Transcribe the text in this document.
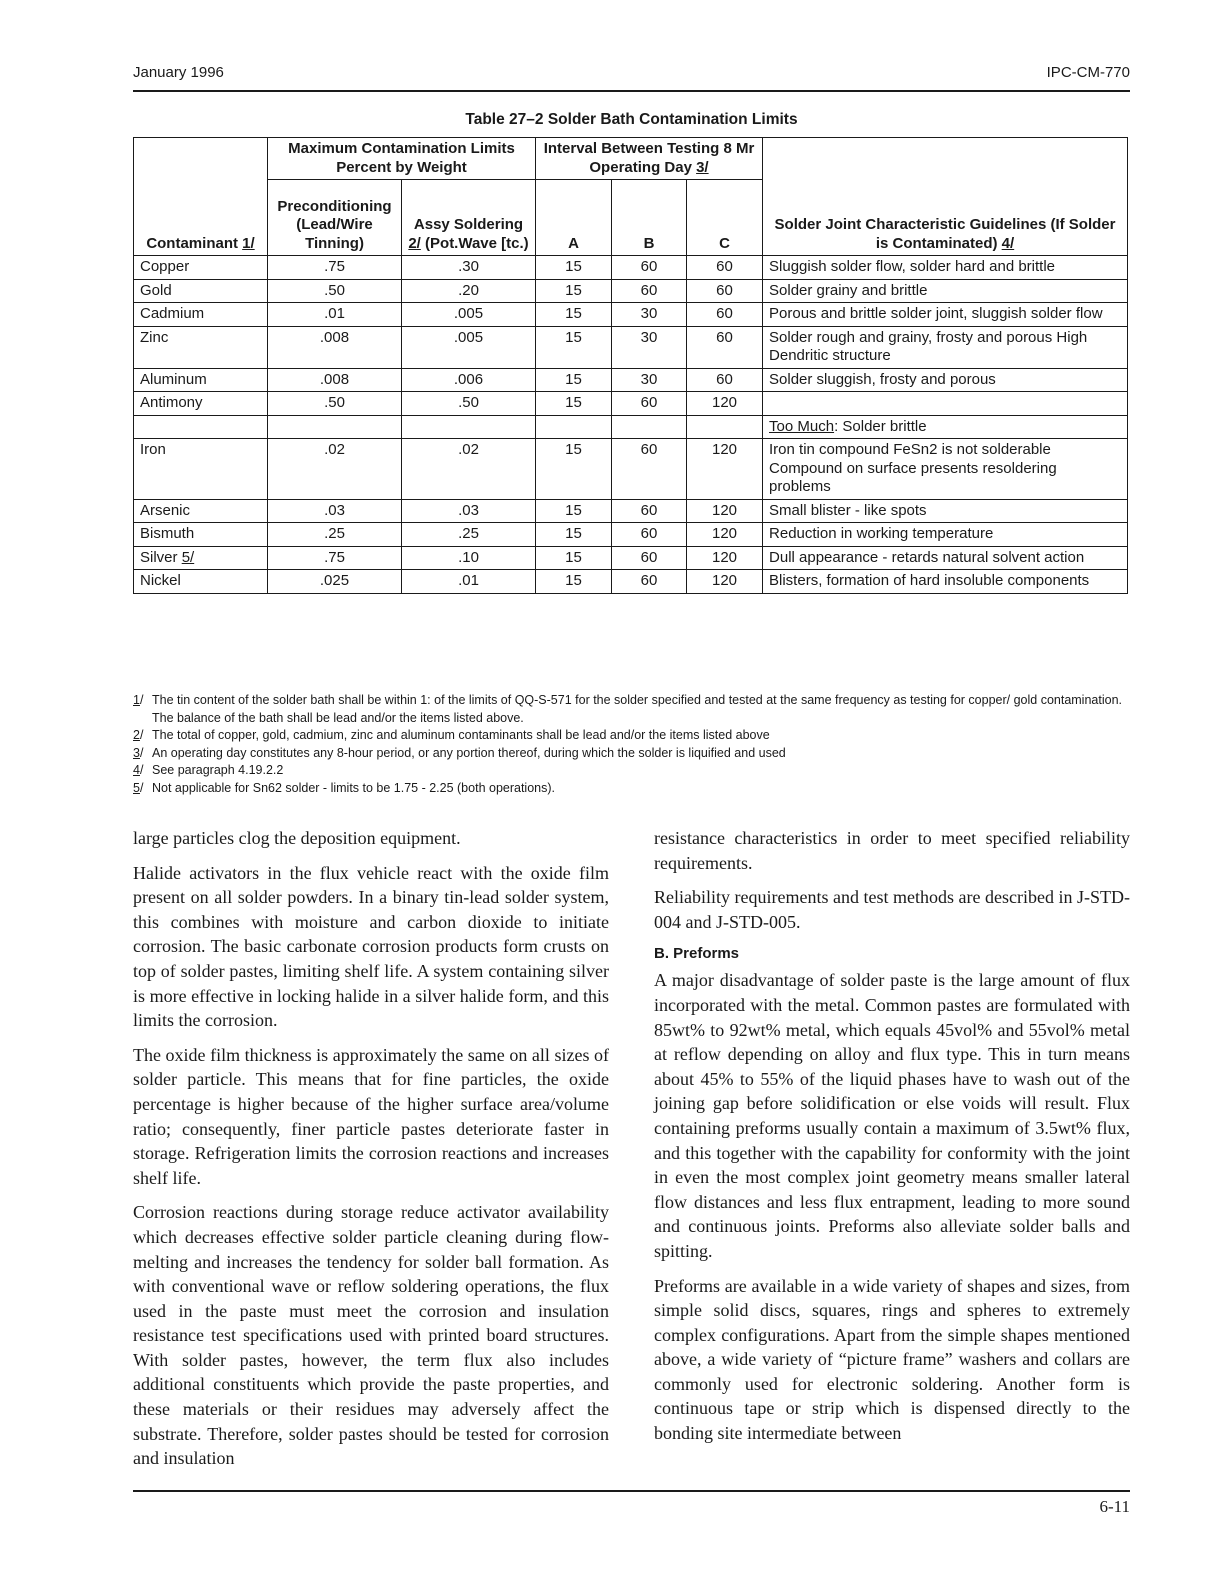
January 1996	IPC-CM-770
Table 27–2 Solder Bath Contamination Limits
Contaminant 1/	Maximum Contamination Limits Percent by Weight		Interval Between Testing 8 Mr Operating Day 3/			Solder Joint Characteristic Guidelines (If Solder is Contaminated) 4/
	Preconditioning (Lead/Wire Tinning)	Assy Soldering 2/ (Pot.Wave [tc.)	A	B	C	
Copper	.75	.30	15	60	60	Sluggish solder flow, solder hard and brittle
Gold	.50	.20	15	60	60	Solder grainy and brittle
Cadmium	.01	.005	15	30	60	Porous and brittle solder joint, sluggish solder flow
Zinc	.008	.005	15	30	60	Solder rough and grainy, frosty and porous High Dendritic structure
Aluminum	.008	.006	15	30	60	Solder sluggish, frosty and porous
Antimony	.50	.50	15	60	120	
						Too Much: Solder brittle
Iron	.02	.02	15	60	120	Iron tin compound FeSn2 is not solderable Compound on surface presents resoldering problems
Arsenic	.03	.03	15	60	120	Small blister - like spots
Bismuth	.25	.25	15	60	120	Reduction in working temperature
Silver 5/	.75	.10	15	60	120	Dull appearance - retards natural solvent action
Nickel	.025	.01	15	60	120	Blisters, formation of hard insoluble components
1/ The tin content of the solder bath shall be within 1: of the limits of QQ-S-571 for the solder specified and tested at the same frequency as testing for copper/ gold contamination. The balance of the bath shall be lead and/or the items listed above.
2/ The total of copper, gold, cadmium, zinc and aluminum contaminants shall be lead and/or the items listed above
3/ An operating day constitutes any 8-hour period, or any portion thereof, during which the solder is liquified and used
4/ See paragraph 4.19.2.2
5/ Not applicable for Sn62 solder - limits to be 1.75 - 2.25 (both operations).

large particles clog the deposition equipment.

Halide activators in the flux vehicle react with the oxide film present on all solder powders. In a binary tin-lead solder system, this combines with moisture and carbon dioxide to initiate corrosion. The basic carbonate corrosion products form crusts on top of solder pastes, limiting shelf life. A system containing silver is more effective in locking halide in a silver halide form, and this limits the corrosion.

The oxide film thickness is approximately the same on all sizes of solder particle. This means that for fine particles, the oxide percentage is higher because of the higher surface area/volume ratio; consequently, finer particle pastes deteriorate faster in storage. Refrigeration limits the corrosion reactions and increases shelf life.

Corrosion reactions during storage reduce activator availability which decreases effective solder particle cleaning during flow- melting and increases the tendency for solder ball formation. As with conventional wave or reflow soldering operations, the flux used in the paste must meet the corrosion and insulation resistance test specifications used with printed board structures. With solder pastes, however, the term flux also includes additional constituents which provide the paste properties, and these materials or their residues may adversely affect the substrate. Therefore, solder pastes should be tested for corrosion and insulation

resistance characteristics in order to meet specified reliability requirements.

Reliability requirements and test methods are described in J-STD-004 and J-STD-005.

B. Preforms

A major disadvantage of solder paste is the large amount of flux incorporated with the metal. Common pastes are formulated with 85wt% to 92wt% metal, which equals 45vol% and 55vol% metal at reflow depending on alloy and flux type. This in turn means about 45% to 55% of the liquid phases have to wash out of the joining gap before solidification or else voids will result. Flux containing preforms usually contain a maximum of 3.5wt% flux, and this together with the capability for conformity with the joint in even the most complex joint geometry means smaller lateral flow distances and less flux entrapment, leading to more sound and continuous joints. Preforms also alleviate solder balls and spitting.

Preforms are available in a wide variety of shapes and sizes, from simple solid discs, squares, rings and spheres to extremely complex configurations. Apart from the simple shapes mentioned above, a wide variety of “picture frame” washers and collars are commonly used for electronic soldering. Another form is continuous tape or strip which is dispensed directly to the bonding site intermediate between

6-11
